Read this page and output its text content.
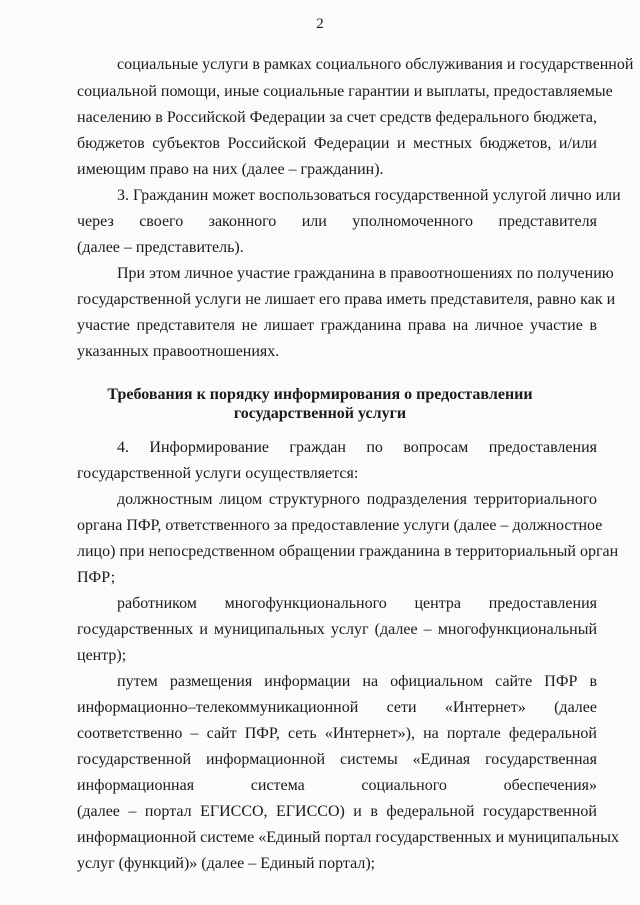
2
социальные услуги в рамках социального обслуживания и государственной
социальной помощи, иные социальные гарантии и выплаты, предоставляемые
населению в Российской Федерации за счет средств федерального бюджета,
бюджетов субъектов Российской Федерации и местных бюджетов, и/или
имеющим право на них (далее – гражданин).
3. Гражданин может воспользоваться государственной услугой лично или
через своего законного или уполномоченного представителя
(далее – представитель).
При этом личное участие гражданина в правоотношениях по получению
государственной услуги не лишает его права иметь представителя, равно как и
участие представителя не лишает гражданина права на личное участие в
указанных правоотношениях.
Требования к порядку информирования о предоставлении
государственной услуги
4. Информирование граждан по вопросам предоставления
государственной услуги осуществляется:
должностным лицом структурного подразделения территориального
органа ПФР, ответственного за предоставление услуги (далее – должностное
лицо) при непосредственном обращении гражданина в территориальный орган
ПФР;
работником многофункционального центра предоставления
государственных и муниципальных услуг (далее – многофункциональный
центр);
путем размещения информации на официальном сайте ПФР в
информационно–телекоммуникационной сети «Интернет» (далее
соответственно – сайт ПФР, сеть «Интернет»), на портале федеральной
государственной информационной системы «Единая государственная
информационная система социального обеспечения»
(далее – портал ЕГИССО, ЕГИССО) и в федеральной государственной
информационной системе «Единый портал государственных и муниципальных
услуг (функций)» (далее – Единый портал);
